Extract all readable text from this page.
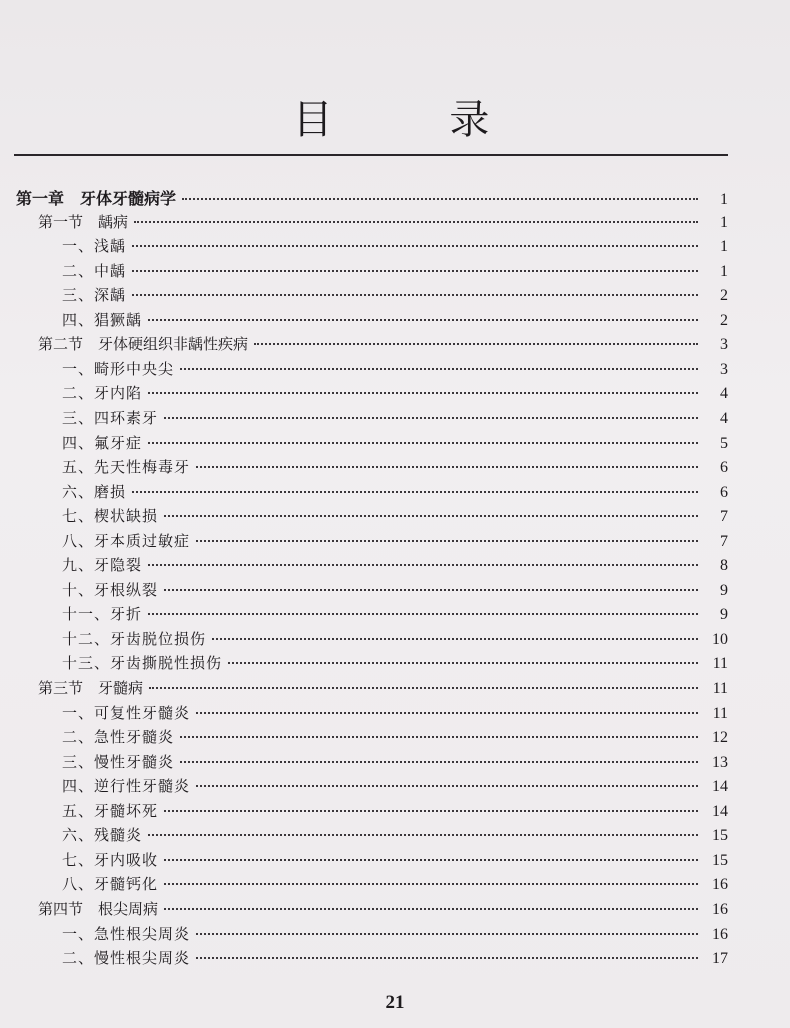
目 录
第一章　牙体牙髓病学	1
第一节　龋病	1
一、浅龋	1
二、中龋	1
三、深龋	2
四、猖獗龋	2
第二节　牙体硬组织非龋性疾病	3
一、畸形中央尖	3
二、牙内陷	4
三、四环素牙	4
四、氟牙症	5
五、先天性梅毒牙	6
六、磨损	6
七、楔状缺损	7
八、牙本质过敏症	7
九、牙隐裂	8
十、牙根纵裂	9
十一、牙折	9
十二、牙齿脱位损伤	10
十三、牙齿撕脱性损伤	11
第三节　牙髓病	11
一、可复性牙髓炎	11
二、急性牙髓炎	12
三、慢性牙髓炎	13
四、逆行性牙髓炎	14
五、牙髓坏死	14
六、残髓炎	15
七、牙内吸收	15
八、牙髓钙化	16
第四节　根尖周病	16
一、急性根尖周炎	16
二、慢性根尖周炎	17
21
